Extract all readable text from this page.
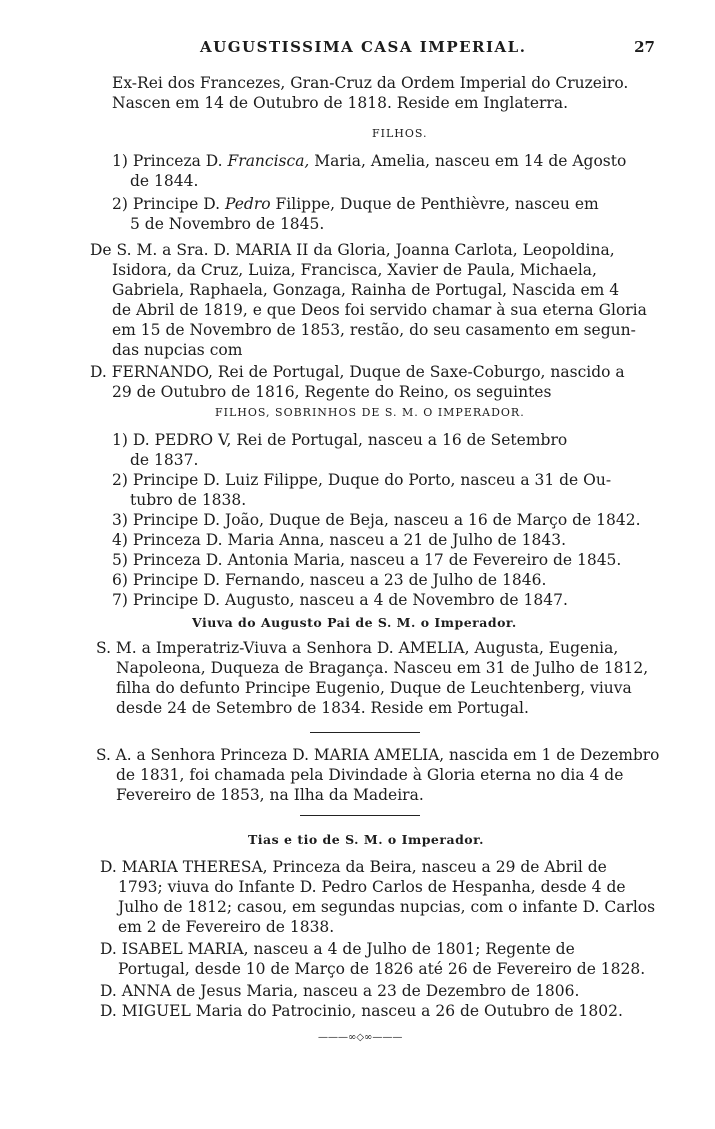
AUGUSTISSIMA CASA IMPERIAL.	27
Ex-Rei dos Francezes, Gran-Cruz da Ordem Imperial do Cruzeiro.
Nascen em 14 de Outubro de 1818. Reside em Inglaterra.
FILHOS.
1) Princeza D. Francisca, Maria, Amelia, nasceu em 14 de Agosto
de 1844.
2) Principe D. Pedro Filippe, Duque de Penthièvre, nasceu em
5 de Novembro de 1845.
De S. M. a Sra. D. MARIA II da Gloria, Joanna Carlota, Leopoldina,
Isidora, da Cruz, Luiza, Francisca, Xavier de Paula, Michaela,
Gabriela, Raphaela, Gonzaga, Rainha de Portugal, Nascida em 4
de Abril de 1819, e que Deos foi servido chamar à sua eterna Gloria
em 15 de Novembro de 1853, restão, do seu casamento em segun-
das nupcias com
D. FERNANDO, Rei de Portugal, Duque de Saxe-Coburgo, nascido a
29 de Outubro de 1816, Regente do Reino, os seguintes
FILHOS, SOBRINHOS DE S. M. O IMPERADOR.
1) D. PEDRO V, Rei de Portugal, nasceu a 16 de Setembro
de 1837.
2) Principe D. Luiz Filippe, Duque do Porto, nasceu a 31 de Ou-
tubro de 1838.
3) Principe D. João, Duque de Beja, nasceu a 16 de Março de 1842.
4) Princeza D. Maria Anna, nasceu a 21 de Julho de 1843.
5) Princeza D. Antonia Maria, nasceu a 17 de Fevereiro de 1845.
6) Principe D. Fernando, nasceu a 23 de Julho de 1846.
7) Principe D. Augusto, nasceu a 4 de Novembro de 1847.
Viuva do Augusto Pai de S. M. o Imperador.
S. M. a Imperatriz-Viuva a Senhora D. AMELIA, Augusta, Eugenia,
Napoleona, Duqueza de Bragança. Nasceu em 31 de Julho de 1812,
filha do defunto Principe Eugenio, Duque de Leuchtenberg, viuva
desde 24 de Setembro de 1834. Reside em Portugal.
S. A. a Senhora Princeza D. MARIA AMELIA, nascida em 1 de Dezembro
de 1831, foi chamada pela Divindade à Gloria eterna no dia 4 de
Fevereiro de 1853, na Ilha da Madeira.
Tias e tio de S. M. o Imperador.
D. MARIA THERESA, Princeza da Beira, nasceu a 29 de Abril de
1793; viuva do Infante D. Pedro Carlos de Hespanha, desde 4 de
Julho de 1812; casou, em segundas nupcias, com o infante D. Carlos
em 2 de Fevereiro de 1838.
D. ISABEL MARIA, nasceu a 4 de Julho de 1801; Regente de
Portugal, desde 10 de Março de 1826 até 26 de Fevereiro de 1828.
D. ANNA de Jesus Maria, nasceu a 23 de Dezembro de 1806.
D. MIGUEL Maria do Patrocinio, nasceu a 26 de Outubro de 1802.
———∞◇∞———
